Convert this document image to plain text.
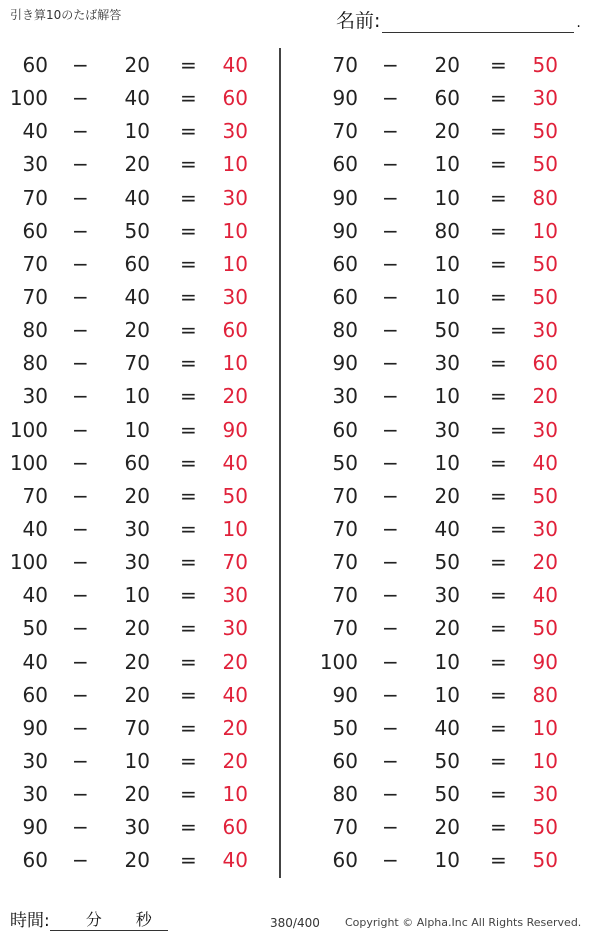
引き算10のたば解答	名前:	.
60 −	20 =	40
100 −	40 =	60
40 −	10 =	30
30 −	20 =	10
70 −	40 =	30
60 −	50 =	10
70 −	60 =	10
70 −	40 =	30
80 −	20 =	60
80 −	70 =	10
30 −	10 =	20
100 −	10 =	90
100 −	60 =	40
70 −	20 =	50
40 −	30 =	10
100 −	30 =	70
40 −	10 =	30
50 −	20 =	30
40 −	20 =	20
60 −	20 =	40
90 −	70 =	20
30 −	10 =	20
30 −	20 =	10
90 −	30 =	60
60 −	20 =	40
70 −	20 =	50
90 −	60 =	30
70 −	20 =	50
60 −	10 =	50
90 −	10 =	80
90 −	80 =	10
60 −	10 =	50
60 −	10 =	50
80 −	50 =	30
90 −	30 =	60
30 −	10 =	20
60 −	30 =	30
50 −	10 =	40
70 −	20 =	50
70 −	40 =	30
70 −	50 =	20
70 −	30 =	40
70 −	20 =	50
100 −	10 =	90
90 −	10 =	80
50 −	40 =	10
60 −	50 =	10
80 −	50 =	30
70 −	20 =	50
60 −	10 =	50
時間: 分 秒	380/400 Copyright © Alpha.Inc All Rights Reserved.
